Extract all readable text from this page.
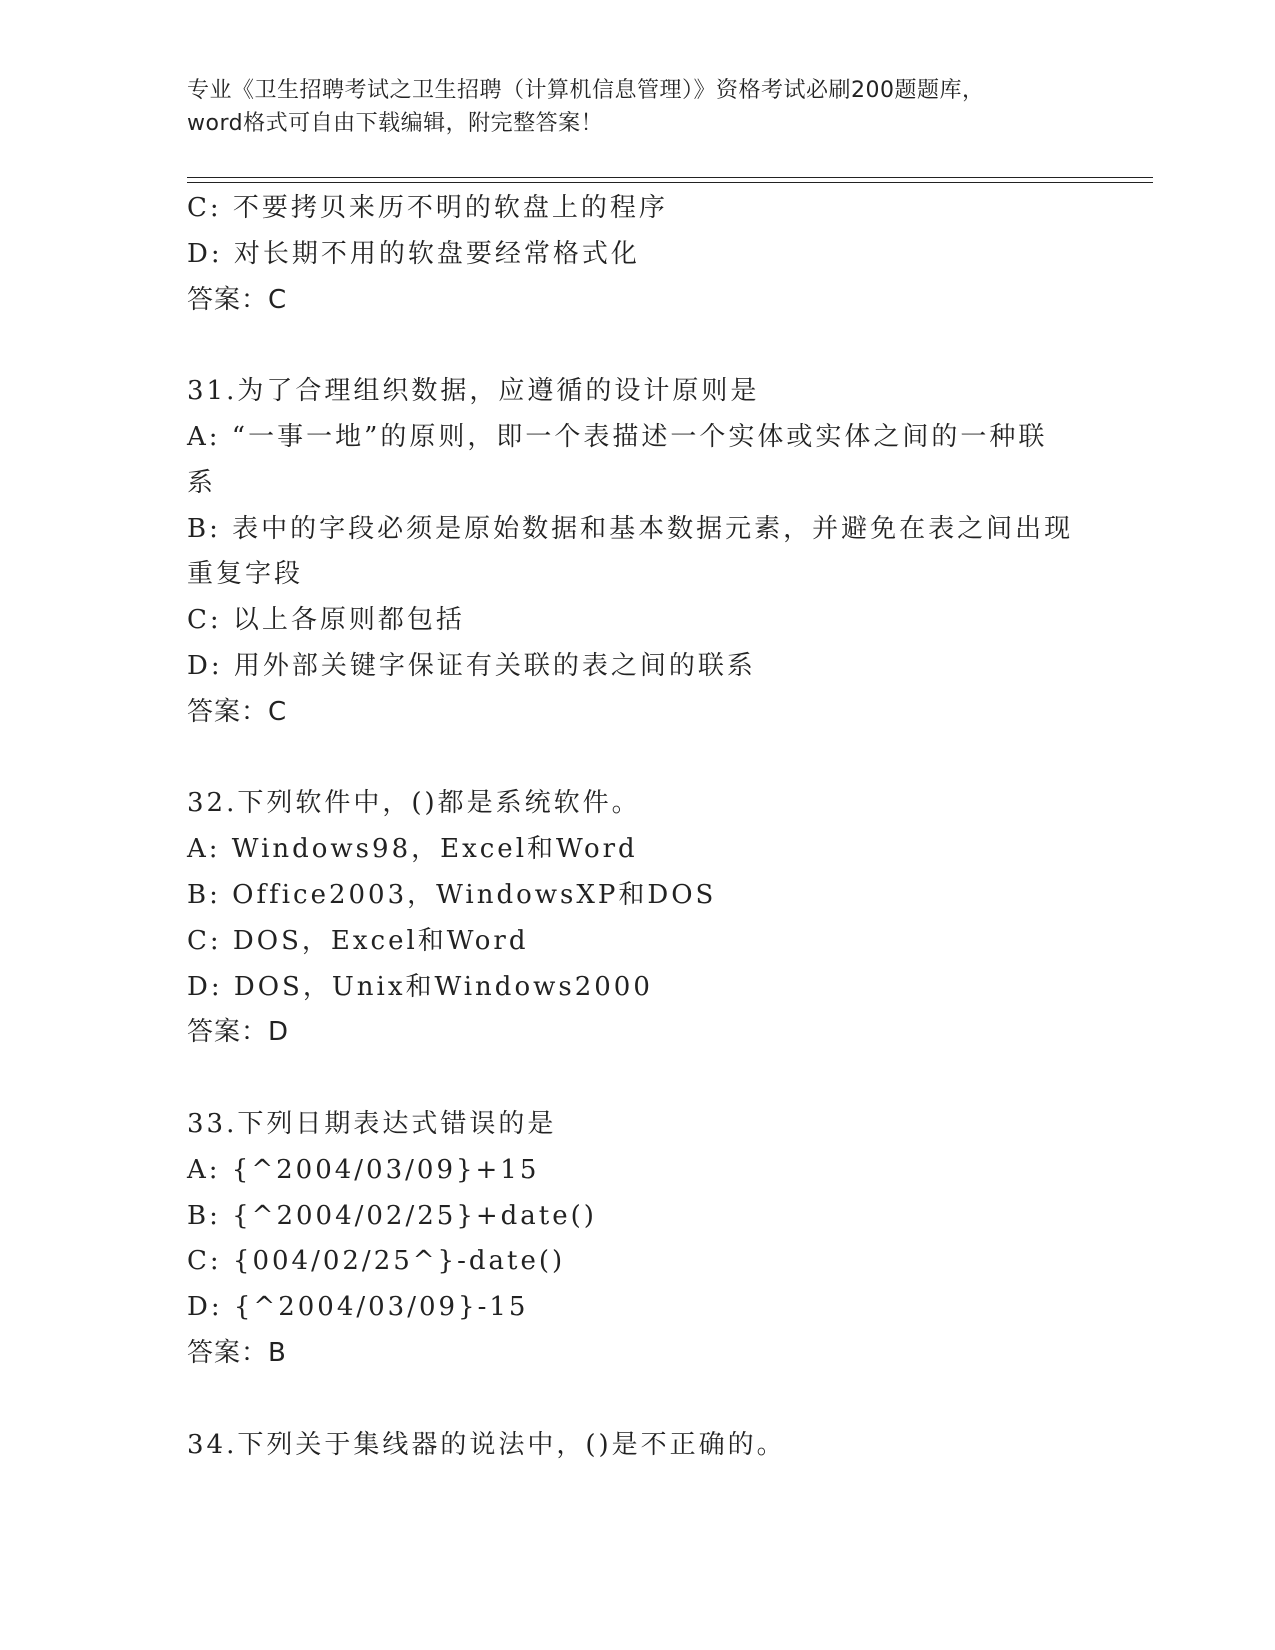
专业《卫生招聘考试之卫生招聘（计算机信息管理）》资格考试必刷200题题库，
word格式可自由下载编辑，附完整答案！
C: 不要拷贝来历不明的软盘上的程序
D: 对长期不用的软盘要经常格式化
答案：C
31.为了合理组织数据，应遵循的设计原则是
A: “一事一地”的原则，即一个表描述一个实体或实体之间的一种联
系
B: 表中的字段必须是原始数据和基本数据元素，并避免在表之间出现
重复字段
C: 以上各原则都包括
D: 用外部关键字保证有关联的表之间的联系
答案：C
32.下列软件中，()都是系统软件。
A: Windows98，Excel和Word
B: Office2003，WindowsXP和DOS
C: DOS，Excel和Word
D: DOS，Unix和Windows2000
答案：D
33.下列日期表达式错误的是
A: {^2004/03/09}+15
B: {^2004/02/25}+date()
C: {004/02/25^}-date()
D: {^2004/03/09}-15
答案：B
34.下列关于集线器的说法中，()是不正确的。
